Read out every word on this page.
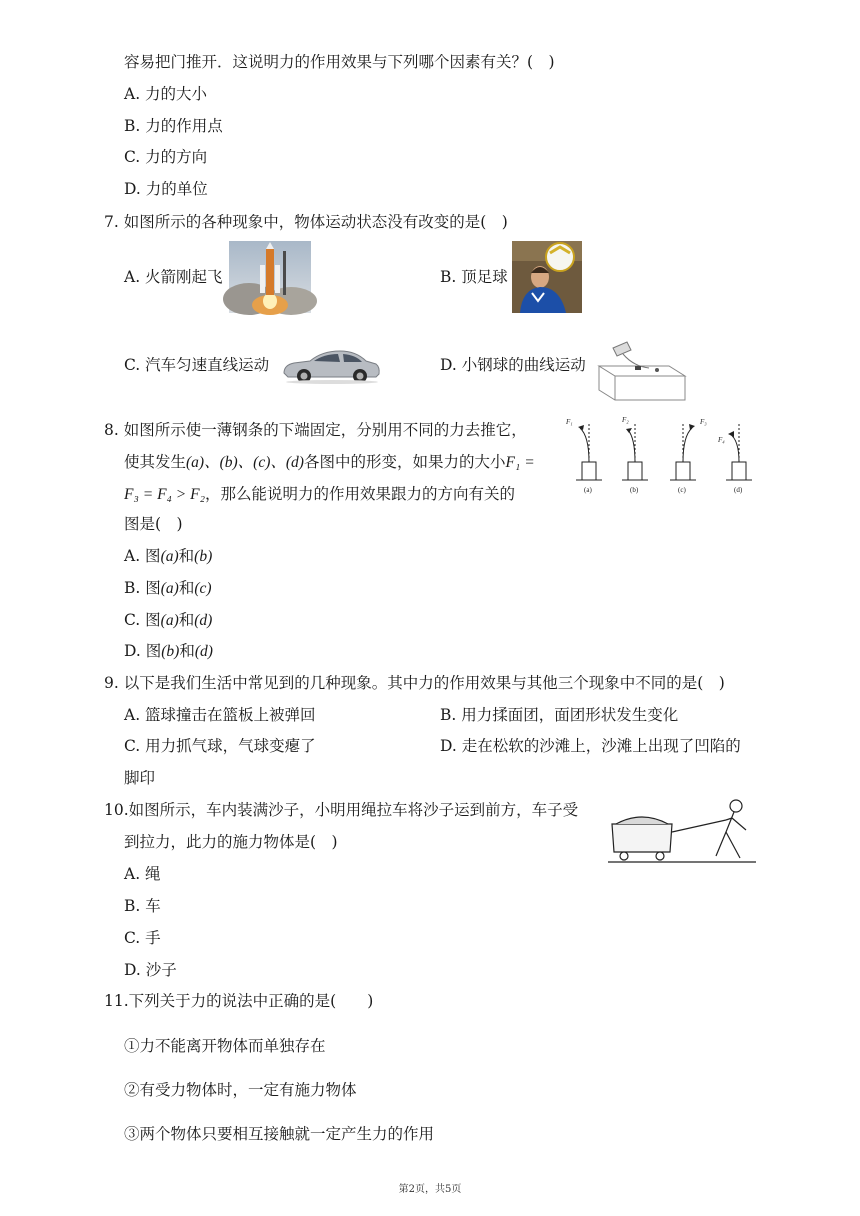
容易把门推开．这说明力的作用效果与下列哪个因素有关？(　)
A. 力的大小
B. 力的作用点
C. 力的方向
D. 力的单位
7. 如图所示的各种现象中，物体运动状态没有改变的是(　)
A. 火箭刚起飞	B. 顶足球
C. 汽车匀速直线运动	D. 小钢球的曲线运动
8. 如图所示使一薄钢条的下端固定，分别用不同的力去推它，
使其发生(a)、(b)、(c)、(d)各图中的形变，如果力的大小F₁ =
F₃ = F₄ > F₂，那么能说明力的作用效果跟力的方向有关的
图是(　)
F₁	F₂	F₃
F₄
(a)	(b)	(c)	(d)
A. 图(a)和(b)
B. 图(a)和(c)
C. 图(a)和(d)
D. 图(b)和(d)
9. 以下是我们生活中常见到的几种现象。其中力的作用效果与其他三个现象中不同的是(　)
A. 篮球撞击在篮板上被弹回	B. 用力揉面团，面团形状发生变化
C. 用力抓气球，气球变瘪了	D. 走在松软的沙滩上，沙滩上出现了凹陷的
脚印
10.如图所示，车内装满沙子，小明用绳拉车将沙子运到前方，车子受
到拉力，此力的施力物体是(　)
A. 绳
B. 车
C. 手
D. 沙子
11.下列关于力的说法中正确的是(　　)
①力不能离开物体而单独存在
②有受力物体时，一定有施力物体
③两个物体只要相互接触就一定产生力的作用
第2页，共5页
